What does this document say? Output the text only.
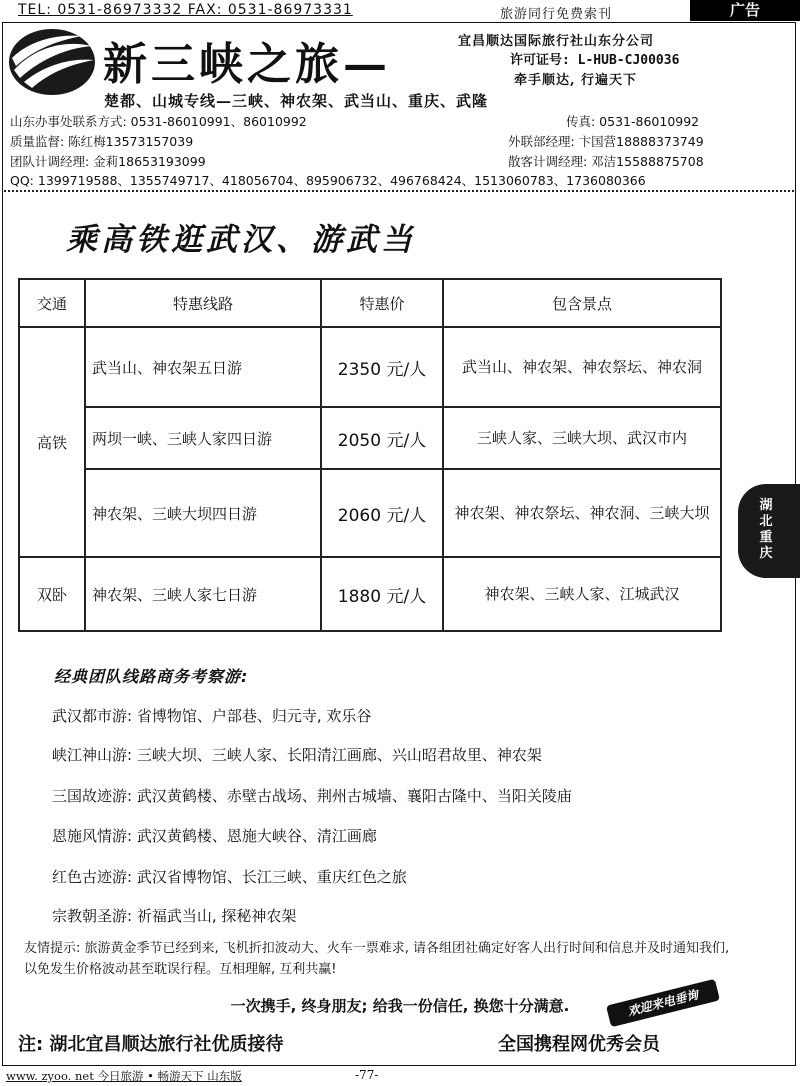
TEL: 0531-86973332 FAX: 0531-86973331	旅游同行免费索刊	广告
新三峡之旅—
楚都、山城专线—三峡、神农架、武当山、重庆、武隆
宜昌顺达国际旅行社山东分公司
许可证号: L-HUB-CJ00036
牵手顺达, 行遍天下
山东办事处联系方式: 0531-86010991、86010992	传真: 0531-86010992
质量监督: 陈红梅13573157039	外联部经理: 卞国营18888373749
团队计调经理: 金莉18653193099	散客计调经理: 邓洁15588875708
QQ: 1399719588、1355749717、418056704、895906732、496768424、1513060783、1736080366
乘高铁逛武汉、游武当
交通	特惠线路	特惠价	包含景点
高铁	武当山、神农架五日游	2350 元/人	武当山、神农架、神农祭坛、神农洞
	两坝一峡、三峡人家四日游	2050 元/人	三峡人家、三峡大坝、武汉市内
	神农架、三峡大坝四日游	2060 元/人	神农架、神农祭坛、神农洞、三峡大坝
双卧	神农架、三峡人家七日游	1880 元/人	神农架、三峡人家、江城武汉
湖北重庆
经典团队线路商务考察游:
武汉都市游: 省博物馆、户部巷、归元寺, 欢乐谷
峡江神山游: 三峡大坝、三峡人家、长阳清江画廊、兴山昭君故里、神农架
三国故迹游: 武汉黄鹤楼、赤壁古战场、荆州古城墙、襄阳古隆中、当阳关陵庙
恩施风情游: 武汉黄鹤楼、恩施大峡谷、清江画廊
红色古迹游: 武汉省博物馆、长江三峡、重庆红色之旅
宗教朝圣游: 祈福武当山, 探秘神农架
友情提示: 旅游黄金季节已经到来, 飞机折扣波动大、火车一票难求, 请各组团社确定好客人出行时间和信息并及时通知我们, 以免发生价格波动甚至耽误行程。互相理解, 互利共赢!
一次携手, 终身朋友; 给我一份信任, 换您十分满意.	欢迎来电垂询
注: 湖北宜昌顺达旅行社优质接待	全国携程网优秀会员
www. zyoo. net 今日旅游 • 畅游天下 山东版	-77-
